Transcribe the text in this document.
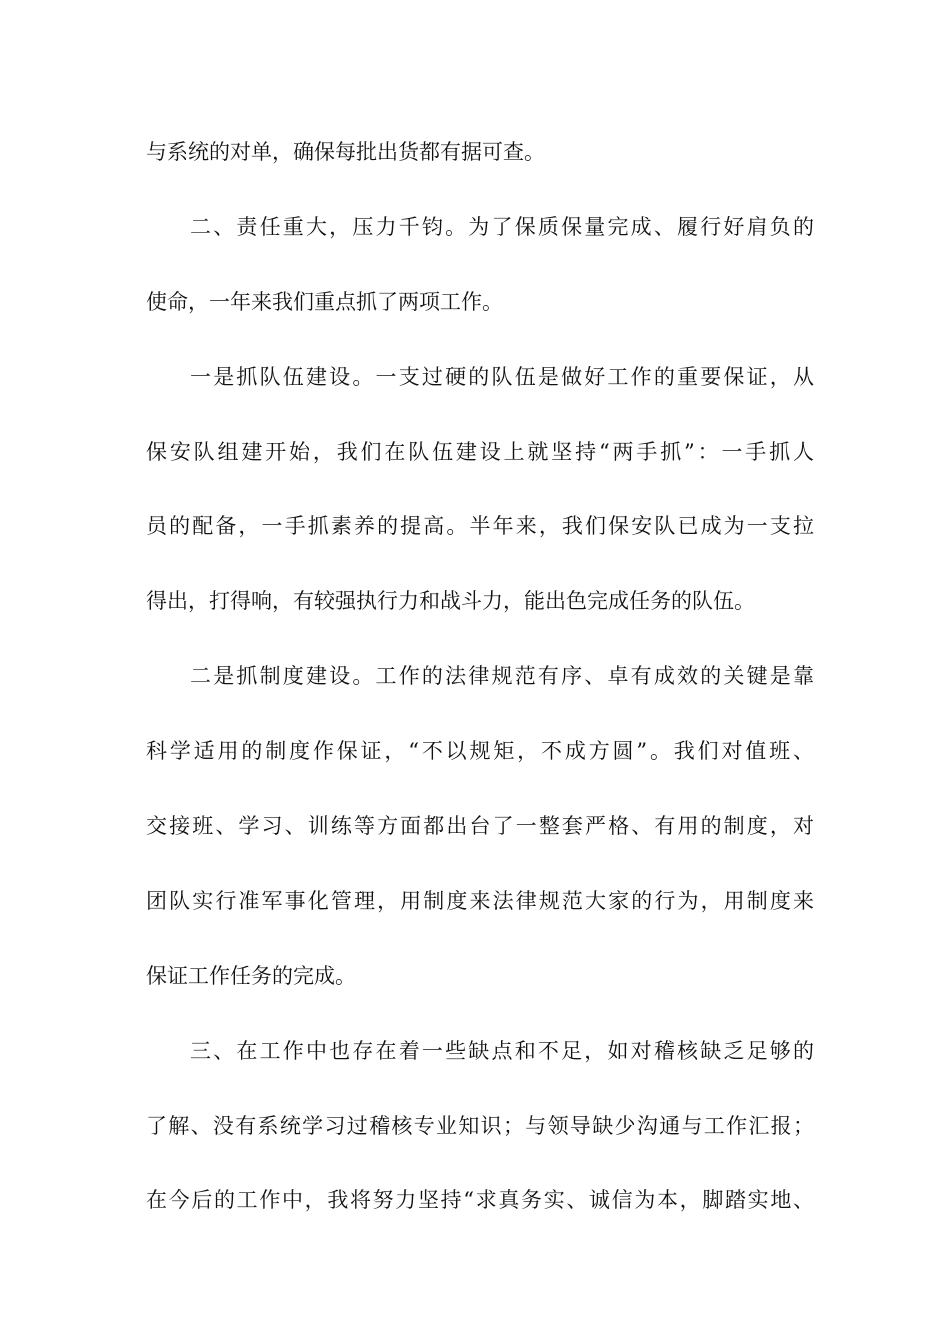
与系统的对单，确保每批出货都有据可查。
二、责任重大，压力千钧。为了保质保量完成、履行好肩负的
使命，一年来我们重点抓了两项工作。
一是抓队伍建设。一支过硬的队伍是做好工作的重要保证，从
保安队组建开始，我们在队伍建设上就坚持“两手抓”：一手抓人
员的配备，一手抓素养的提高。半年来，我们保安队已成为一支拉
得出，打得响，有较强执行力和战斗力，能出色完成任务的队伍。
二是抓制度建设。工作的法律规范有序、卓有成效的关键是靠
科学适用的制度作保证，“不以规矩，不成方圆”。我们对值班、
交接班、学习、训练等方面都出台了一整套严格、有用的制度，对
团队实行准军事化管理，用制度来法律规范大家的行为，用制度来
保证工作任务的完成。
三、在工作中也存在着一些缺点和不足，如对稽核缺乏足够的
了解、没有系统学习过稽核专业知识；与领导缺少沟通与工作汇报；
在今后的工作中，我将努力坚持“求真务实、诚信为本，脚踏实地、
